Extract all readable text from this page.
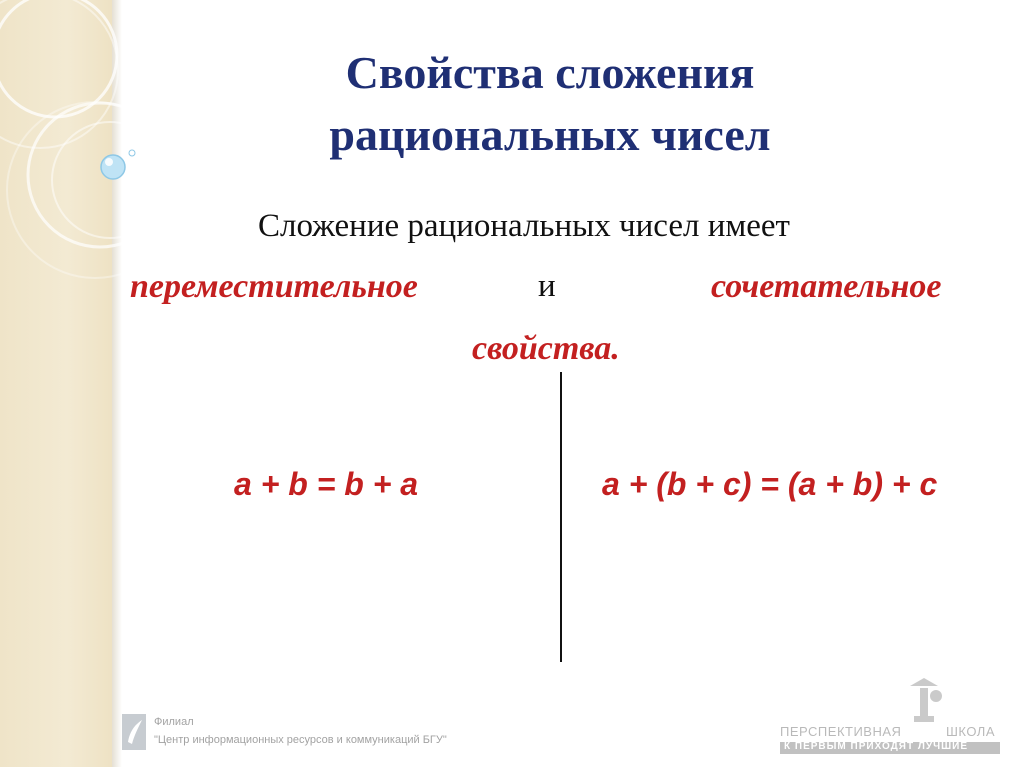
Свойства сложения
рациональных чисел
Сложение рациональных чисел имеет
переместительное	и	сочетательное
свойства.
a + b = b + a	a + (b + c) = (a + b) + c
Филиал
"Центр информационных ресурсов и коммуникаций БГУ"
ПЕРСПЕКТИВНАЯ	ШКОЛА
К ПЕРВЫМ ПРИХОДЯТ ЛУЧШИЕ
